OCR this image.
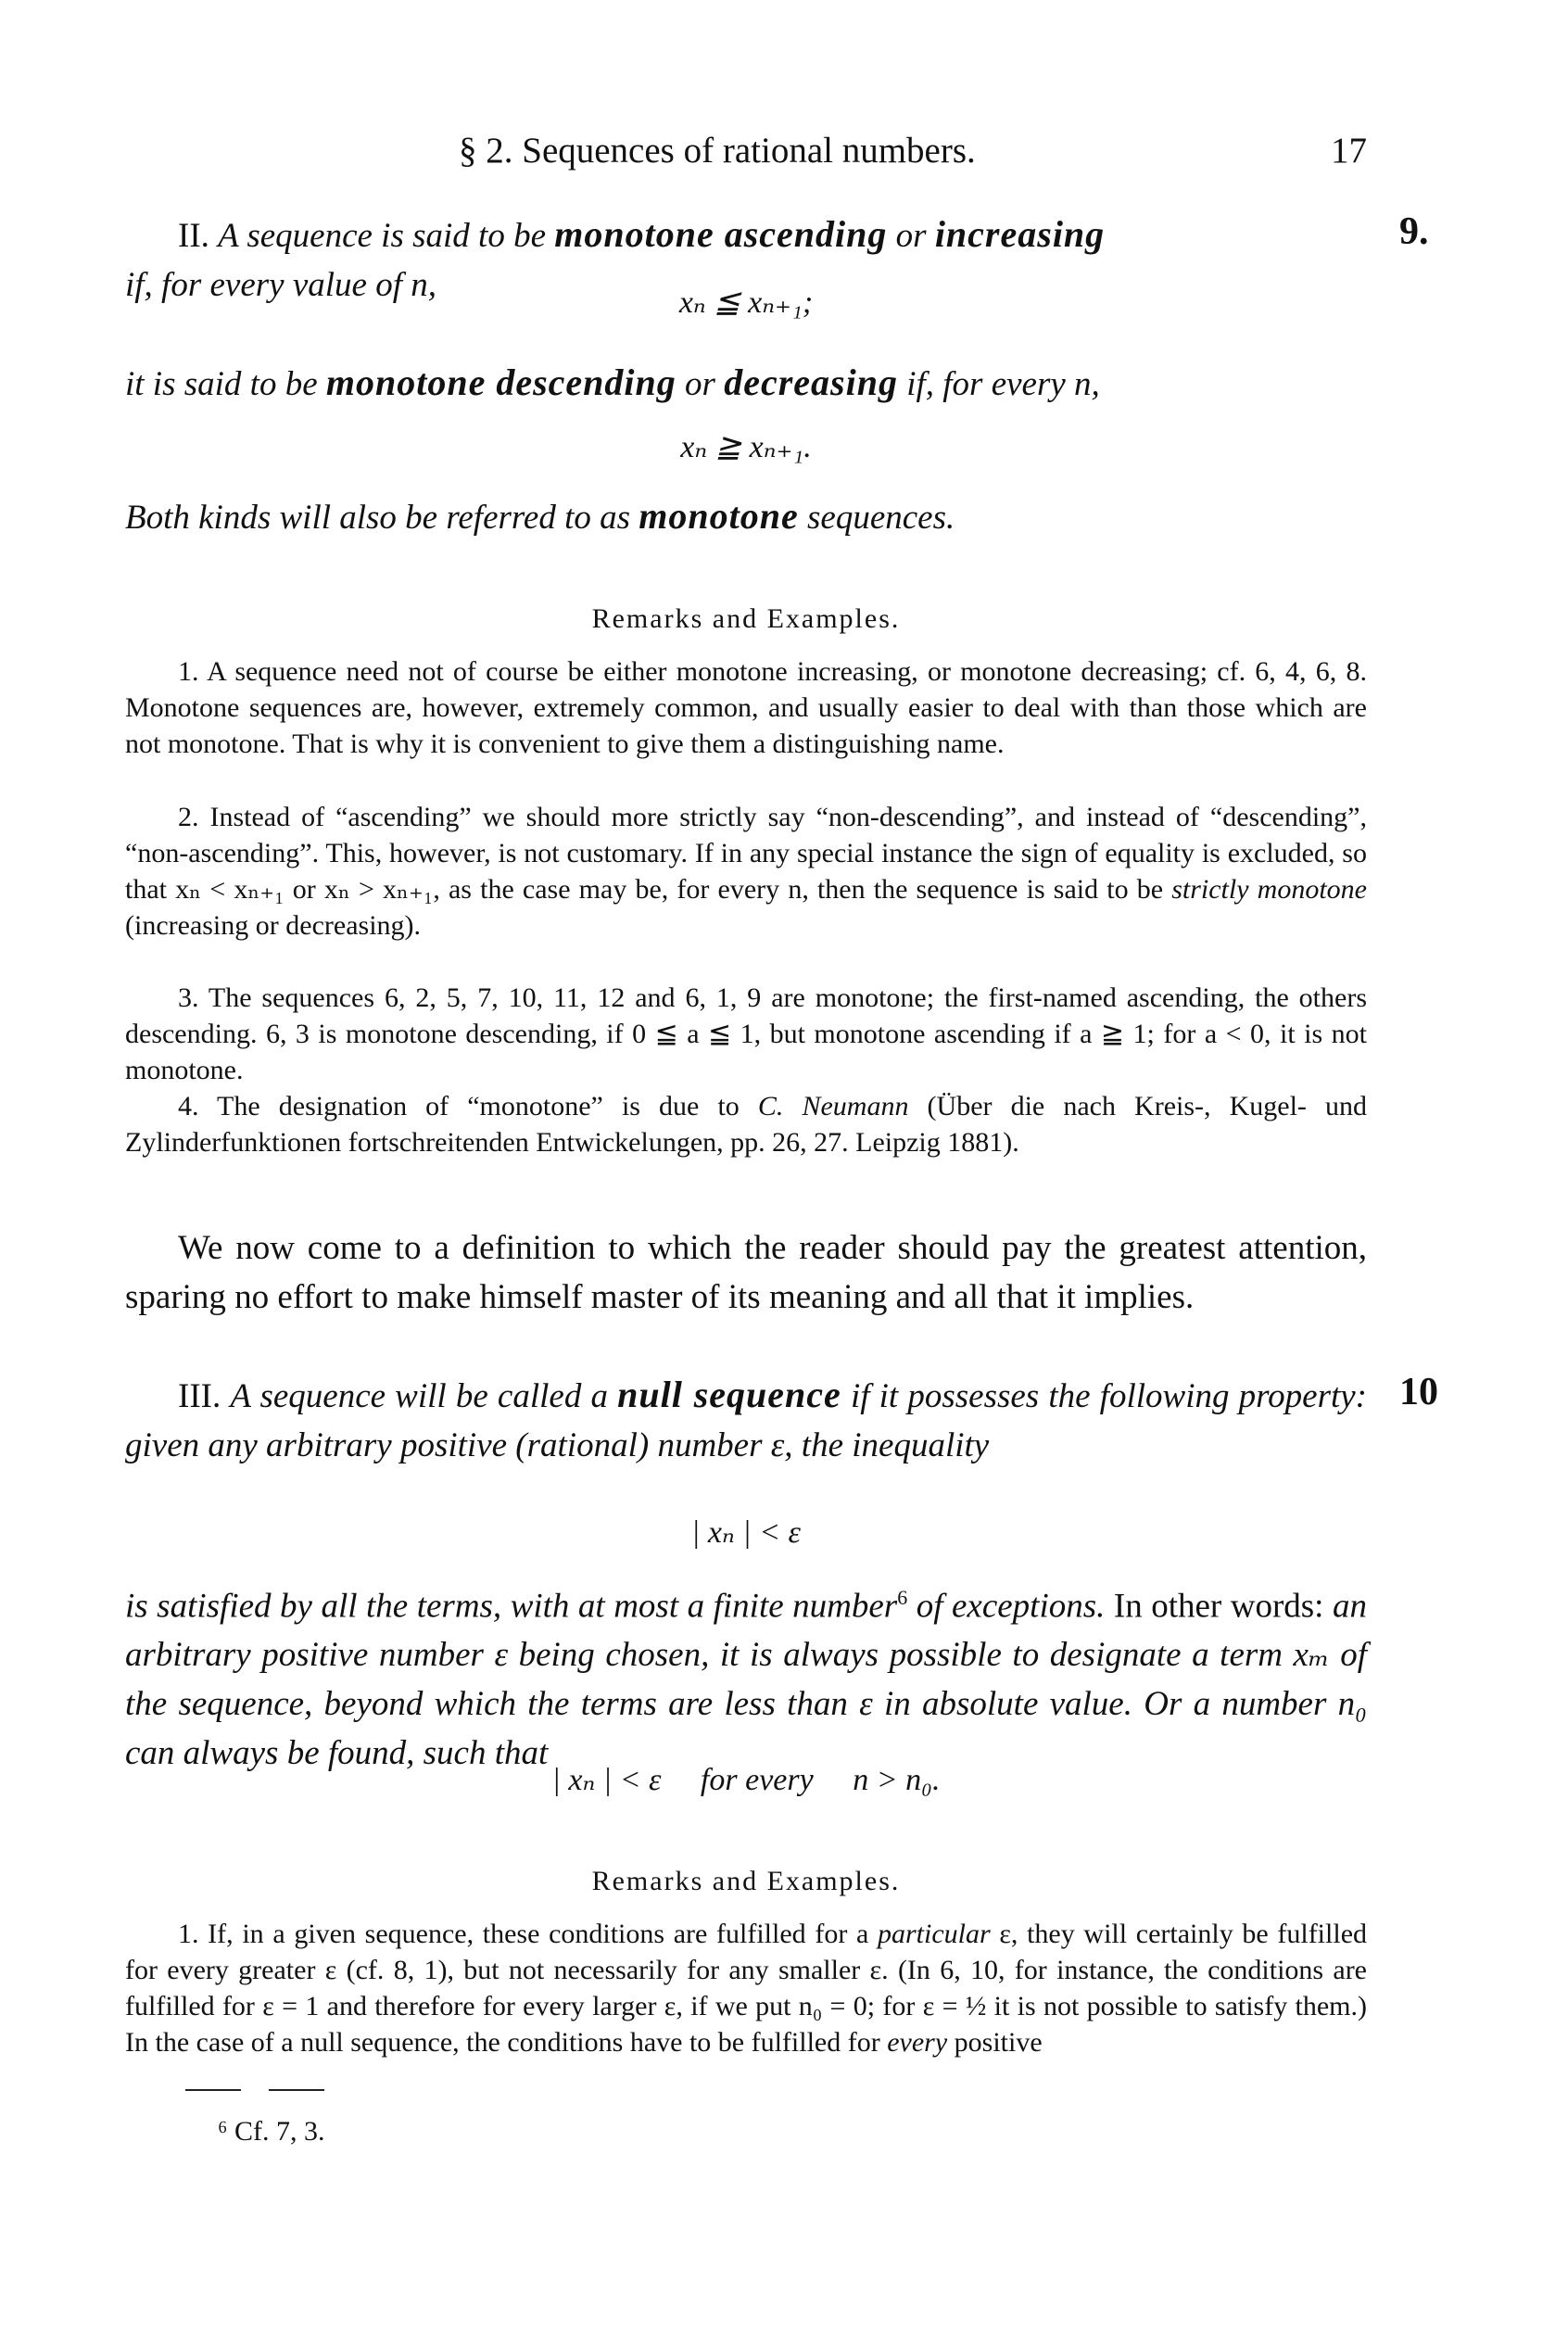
§ 2. Sequences of rational numbers.	17
9.
II. A sequence is said to be monotone ascending or increasing
if, for every value of n,	xₙ ≦ xₙ₊₁;
it is said to be monotone descending or decreasing if, for every n,
xₙ ≧ xₙ₊₁.
Both kinds will also be referred to as monotone sequences.
Remarks and Examples.
1. A sequence need not of course be either monotone increasing, or monotone decreasing; cf. 6, 4, 6, 8. Monotone sequences are, however, extremely common, and usually easier to deal with than those which are not monotone. That is why it is convenient to give them a distinguishing name.
2. Instead of “ascending” we should more strictly say “non-descending”, and instead of “descending”, “non-ascending”. This, however, is not customary. If in any special instance the sign of equality is excluded, so that xₙ < xₙ₊₁ or xₙ > xₙ₊₁, as the case may be, for every n, then the sequence is said to be strictly monotone (increasing or decreasing).
3. The sequences 6, 2, 5, 7, 10, 11, 12 and 6, 1, 9 are monotone; the first-named ascending, the others descending. 6, 3 is monotone descending, if 0 ≦ a ≦ 1, but monotone ascending if a ≧ 1; for a < 0, it is not monotone.
4. The designation of “monotone” is due to C. Neumann (Über die nach Kreis-, Kugel- und Zylinderfunktionen fortschreitenden Entwickelungen, pp. 26, 27. Leipzig 1881).
We now come to a definition to which the reader should pay the greatest attention, sparing no effort to make himself master of its meaning and all that it implies.
10
III. A sequence will be called a null sequence if it possesses the following property: given any arbitrary positive (rational) number ε, the inequality
| xₙ | < ε
is satisfied by all the terms, with at most a finite number$^6$ of exceptions. In other words: an arbitrary positive number ε being chosen, it is always possible to designate a term xₘ of the sequence, beyond which the terms are less than ε in absolute value. Or a number n₀ can always be found, such that
| xₙ | < ε     for every     n > n₀.
Remarks and Examples.
1. If, in a given sequence, these conditions are fulfilled for a particular ε, they will certainly be fulfilled for every greater ε (cf. 8, 1), but not necessarily for any smaller ε. (In 6, 10, for instance, the conditions are fulfilled for ε = 1 and therefore for every larger ε, if we put n₀ = 0; for ε = ½ it is not possible to satisfy them.) In the case of a null sequence, the conditions have to be fulfilled for every positive
⁶ Cf. 7, 3.
